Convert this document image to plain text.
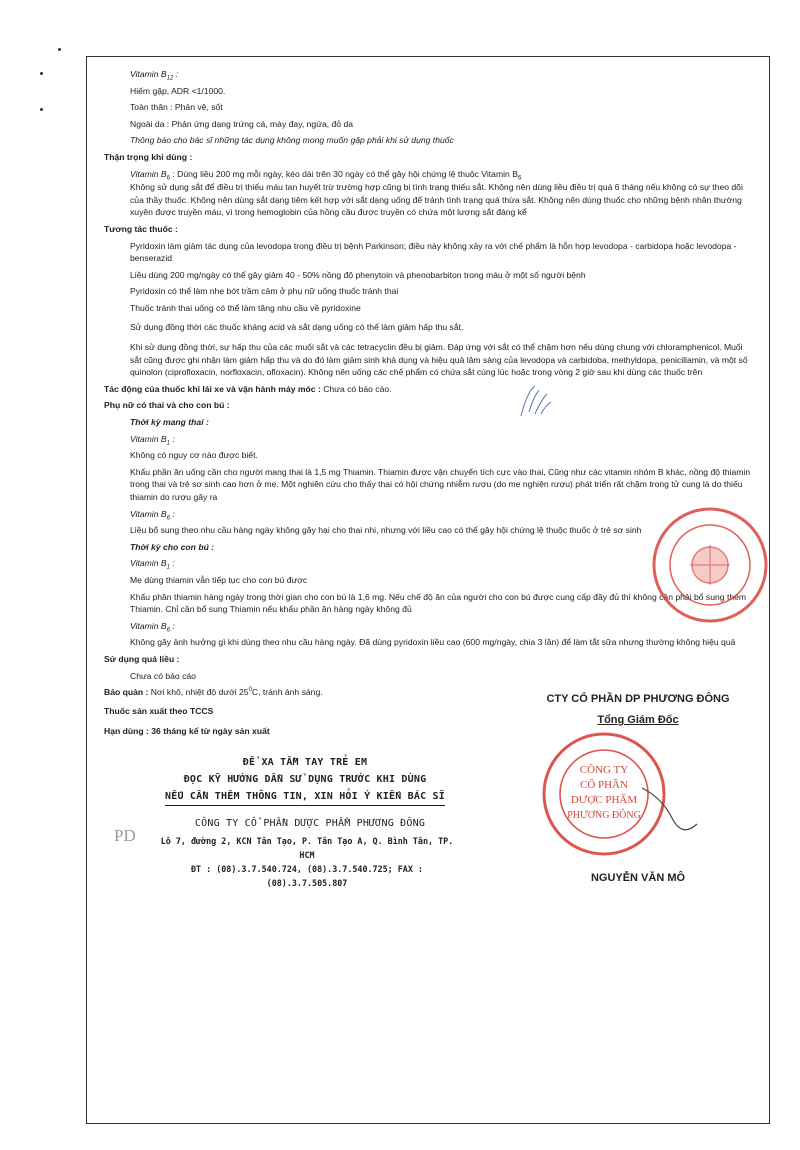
Vitamin $B_{12}$ :

Hiếm gặp, ADR <1/1000.

Toàn thân : Phản vệ, sốt

Ngoài da : Phản ứng dạng trứng cá, mày đay, ngứa, đỏ da

Thông báo cho bác sĩ những tác dụng không mong muốn gặp phải khi sử dụng thuốc

Thận trọng khi dùng :

Vitamin $B_6$ : Dùng liều 200 mg mỗi ngày, kéo dài trên 30 ngày có thể gây hội chứng lệ thuộc Vitamin $B_6$

Không sử dụng sắt để điều trị thiếu máu tan huyết trừ trường hợp cũng bị tình trạng thiếu sắt. Không nên dùng liều điều trị quá 6 tháng nếu không có sự theo dõi của thầy thuốc. Không nên dùng sắt dạng tiêm kết hợp với sắt dạng uống để tránh tình trạng quá thừa sắt. Không nên dùng thuốc cho những bệnh nhân thường xuyên được truyền máu, vì trong hemoglobin của hồng cầu được truyền có chứa một lượng sắt đáng kể

Tương tác thuốc :

Pyridoxin làm giảm tác dụng của levodopa trong điều trị bệnh Parkinson; điều này không xảy ra với chế phẩm là hỗn hợp levodopa - carbidopa hoặc levodopa - benserazid

Liều dùng 200 mg/ngày có thể gây giảm 40 - 50% nồng độ phenytoin và phenobarbiton trong máu ở một số người bệnh

Pyridoxin có thể làm nhẹ bớt trầm cảm ở phụ nữ uống thuốc tránh thai

Thuốc tránh thai uống có thể làm tăng nhu cầu về pyridoxine

Sử dụng đồng thời các thuốc kháng acid và sắt dạng uống có thể làm giảm hấp thu sắt.

Khi sử dụng đồng thời, sự hấp thu của các muối sắt và các tetracyclin đều bị giảm. Đáp ứng với sắt có thể chậm hơn nếu dùng chung với chloramphenicol. Muối sắt cũng được ghi nhận làm giảm hấp thu và do đó làm giảm sinh khả dụng và hiệu quả lâm sàng của levodopa và carbidoba, methyldopa, penicillamin, và một số quinolon (ciprofloxacin, norfloxacin, ofloxacin). Không nên uống các chế phẩm có chứa sắt cùng lúc hoặc trong vòng 2 giờ sau khi dùng các thuốc trên

Tác động của thuốc khi lái xe và vận hành máy móc : Chưa có báo cáo.

Phụ nữ có thai và cho con bú :

Thời kỳ mang thai :

Vitamin $B_1$ :

Không có nguy cơ nào được biết.

Khẩu phần ăn uống cần cho người mang thai là 1,5 mg Thiamin. Thiamin được vận chuyển tích cực vào thai, Cũng như các vitamin nhóm B khác, nồng độ thiamin trong thai và trẻ sơ sinh cao hơn ở mẹ. Một nghiên cứu cho thấy thai có hội chứng nhiễm rượu (do mẹ nghiện rượu) phát triển rất chậm trong tử cung là do thiếu thiamin do rượu gây ra

Vitamin $B_6$ :

Liều bổ sung theo nhu cầu hàng ngày không gây hại cho thai nhi, nhưng với liều cao có thể gây hội chứng lệ thuộc thuốc ở trẻ sơ sinh

Thời kỳ cho con bú :

Vitamin $B_1$ :

Mẹ dùng thiamin vẫn tiếp tục cho con bú được

Khẩu phần thiamin hàng ngày trong thời gian cho con bú là 1,6 mg. Nếu chế độ ăn của người cho con bú được cung cấp đầy đủ thì không cần phải bổ sung thêm Thiamin. Chỉ cần bổ sung Thiamin nếu khẩu phần ăn hàng ngày không đủ

Vitamin $B_6$ :

Không gây ảnh hưởng gì khi dùng theo nhu cầu hàng ngày. Đã dùng pyridoxin liều cao (600 mg/ngày, chia 3 lần) để làm tắt sữa nhưng thường không hiệu quả

Sử dụng quá liều :

Chưa có báo cáo

Bảo quản : Nơi khô, nhiệt độ dưới $25^0C$, tránh ánh sáng.

Thuốc sản xuất theo TCCS

Hạn dùng : 36 tháng kể từ ngày sản xuất

CTY CỔ PHẦN DP PHƯƠNG ĐÔNG
Tổng Giám Đốc
CÔNG TY
CỔ PHẦN
DƯỢC PHẨM
PHƯƠNG ĐÔNG
NGUYỄN VĂN MÔ
ĐỂ XA TẦM TAY TRẺ EM
ĐỌC KỸ HƯỚNG DẪN SỬ DỤNG TRƯỚC KHI DÙNG
NẾU CẦN THÊM THÔNG TIN, XIN HỎI Ý KIẾN BÁC SĨ
PD
CÔNG TY CỔ PHẦN DƯỢC PHẨM PHƯƠNG ĐÔNG
Lô 7, đường 2, KCN Tân Tạo, P. Tân Tạo A, Q. Bình Tân, TP. HCM
ĐT : (08).3.7.540.724, (08).3.7.540.725; FAX : (08).3.7.505.807
